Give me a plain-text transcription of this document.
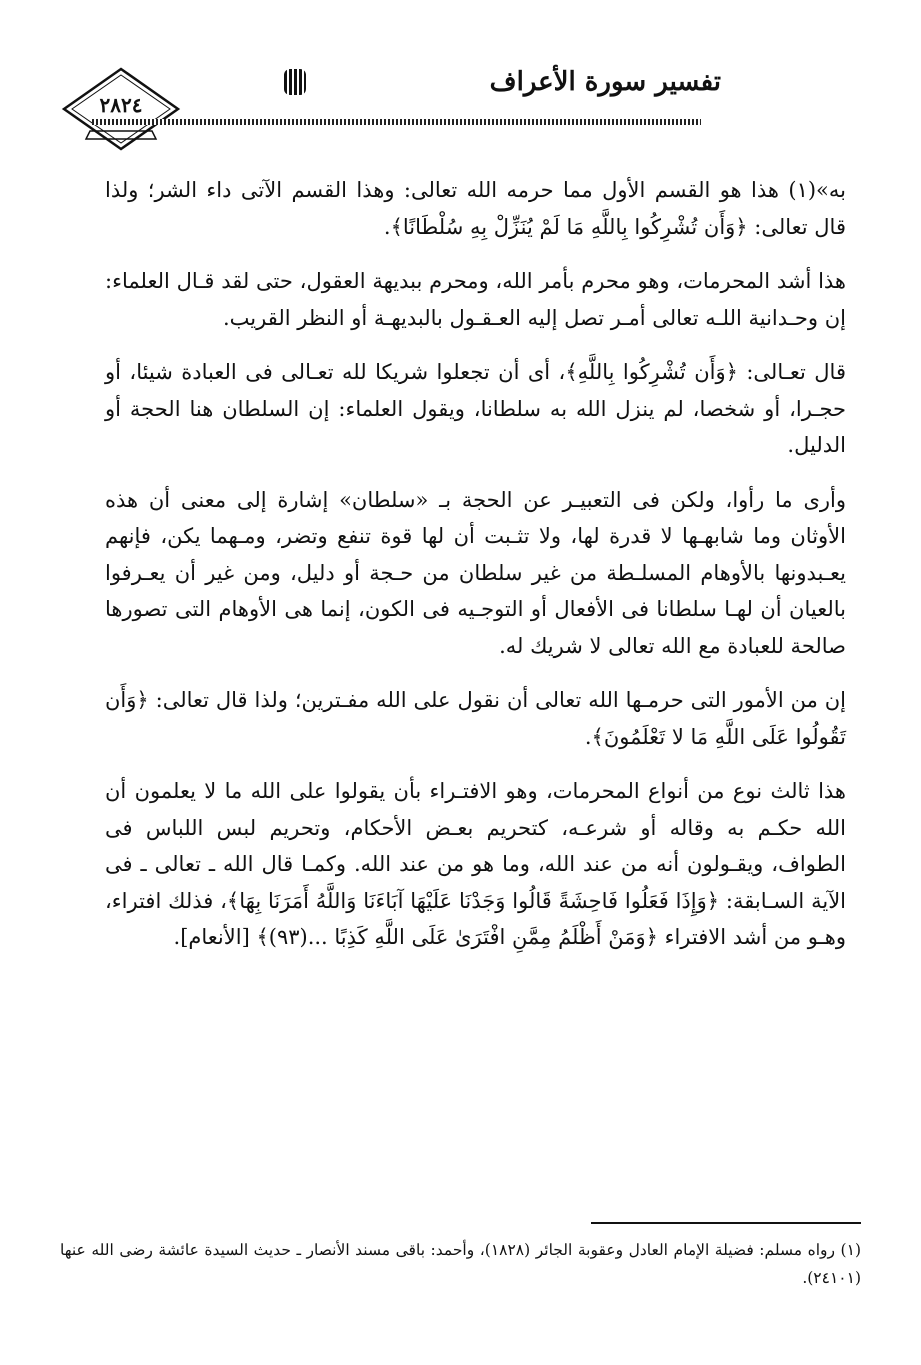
٢٨٢٤
تفسير سورة الأعراف

به»(١) هذا هو القسم الأول مما حرمه الله تعالى: وهذا القسم الآتى داء الشر؛ ولذا قال تعالى: ﴿وَأَن تُشْرِكُوا بِاللَّهِ مَا لَمْ يُنَزِّلْ بِهِ سُلْطَانًا﴾.

هذا أشد المحرمات، وهو محرم بأمر الله، ومحرم ببديهة العقول، حتى لقد قـال العلماء: إن وحـدانية اللـه تعالى أمـر تصل إليه العـقـول بالبديهـة أو النظر القريب.

قال تعـالى: ﴿وَأَن تُشْرِكُوا بِاللَّهِ﴾، أى أن تجعلوا شريكا لله تعـالى فى العبادة شيئا، أو حجـرا، أو شخصا، لم ينزل الله به سلطانا، ويقول العلماء: إن السلطان هنا الحجة أو الدليل.

وأرى ما رأوا، ولكن فى التعبيـر عن الحجة بـ «سلطان» إشارة إلى معنى أن هذه الأوثان وما شابهـها لا قدرة لها، ولا تثـبت أن لها قوة تنفع وتضر، ومـهما يكن، فإنهم يعـبدونها بالأوهام المسلـطة من غير سلطان من حـجة أو دليل، ومن غير أن يعـرفوا بالعيان أن لهـا سلطانا فى الأفعال أو التوجـيه فى الكون، إنما هى الأوهام التى تصورها صالحة للعبادة مع الله تعالى لا شريك له.

إن من الأمور التى حرمـها الله تعالى أن نقول على الله مفـترين؛ ولذا قال تعالى: ﴿وَأَن تَقُولُوا عَلَى اللَّهِ مَا لا تَعْلَمُونَ﴾.

هذا ثالث نوع من أنواع المحرمات، وهو الافتـراء بأن يقولوا على الله ما لا يعلمون أن الله حكـم به وقاله أو شرعـه، كتحريم بعـض الأحكام، وتحريم لبس اللباس فى الطواف، ويقـولون أنه من عند الله، وما هو من عند الله. وكمـا قال الله ـ تعالى ـ فى الآية السـابقة: ﴿وَإِذَا فَعَلُوا فَاحِشَةً قَالُوا وَجَدْنَا عَلَيْهَا آبَاءَنَا وَاللَّهُ أَمَرَنَا بِهَا﴾، فذلك افتراء، وهـو من أشد الافتراء ﴿وَمَنْ أَظْلَمُ مِمَّنِ افْتَرَىٰ عَلَى اللَّهِ كَذِبًا ...(٩٣)﴾ [الأنعام].

(١) رواه مسلم: فضيلة الإمام العادل وعقوبة الجائر (١٨٢٨)، وأحمد: باقى مسند الأنصار ـ حديث السيدة عائشة رضى الله عنها (٢٤١٠١).
